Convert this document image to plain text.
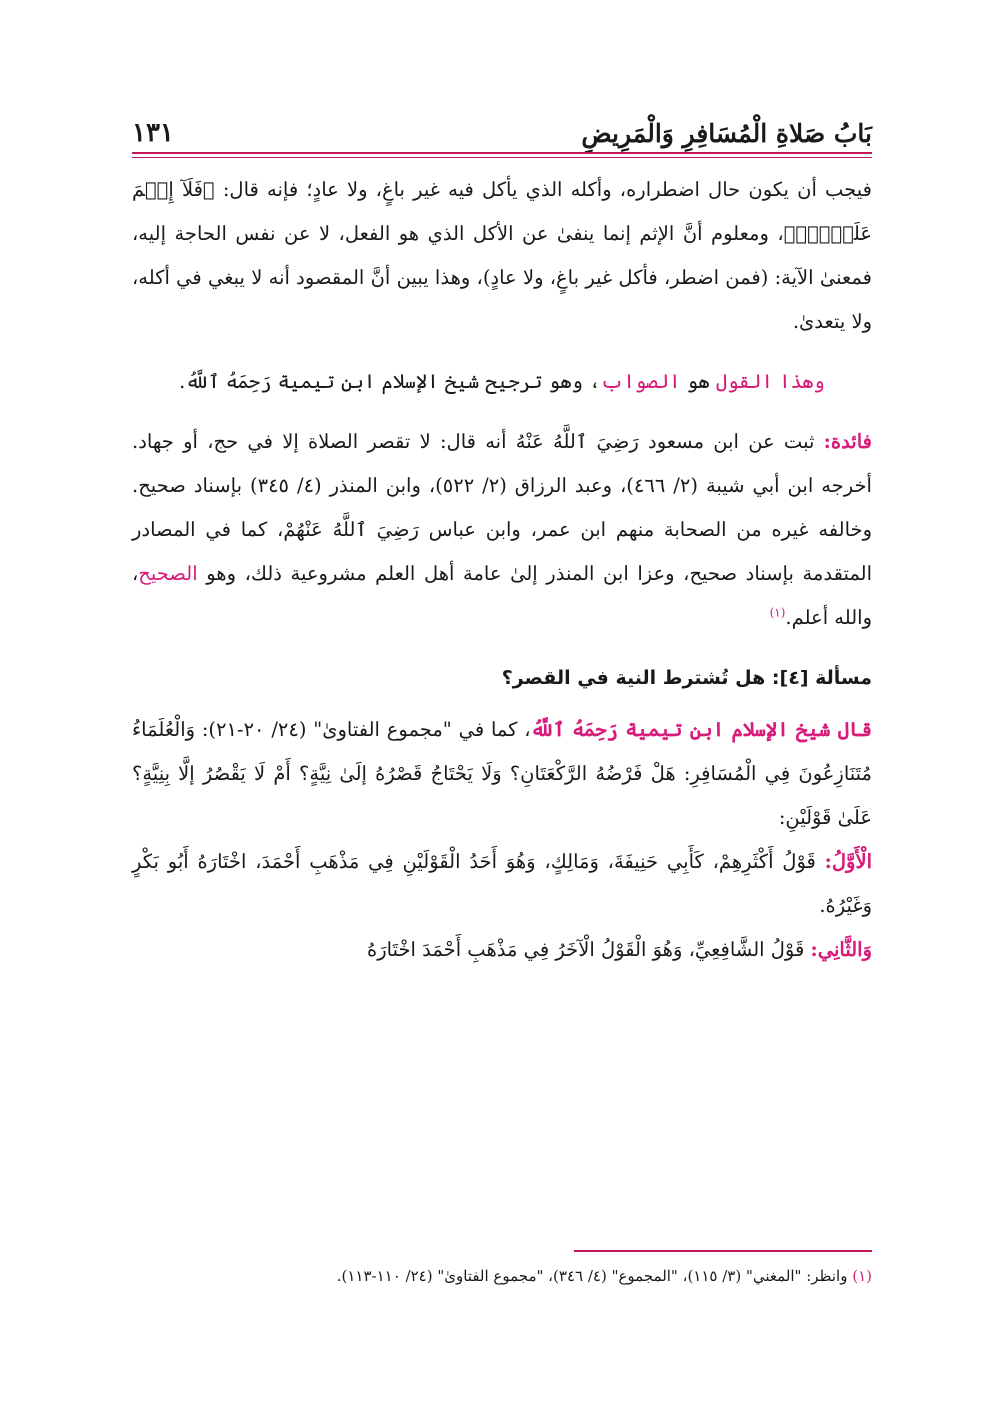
بَابُ صَلاةِ الْمُسَافِرِ وَالْمَرِيضِ
١٣١

فيجب أن يكون حال اضطراره، وأكله الذي يأكل فيه غير باغٍ، ولا عادٍ؛ فإنه قال: ﴿فَلَآ إِثۡمَ عَلَيۡهِۚ﴾، ومعلوم أنَّ الإثم إنما ينفىٰ عن الأكل الذي هو الفعل، لا عن نفس الحاجة إليه، فمعنىٰ الآية: (فمن اضطر، فأكل غير باغٍ، ولا عادٍ)، وهذا يبين أنَّ المقصود أنه لا يبغي في أكله، ولا يتعدىٰ.

وهذا القول هو الصواب، وهو ترجيح شيخ الإسلام ابن تيمية رَحِمَهُ ٱللَّهُ.

فائدة: ثبت عن ابن مسعود رَضِيَ ٱللَّهُ عَنْهُ أنه قال: لا تقصر الصلاة إلا في حج، أو جهاد. أخرجه ابن أبي شيبة (٢/ ٤٦٦)، وعبد الرزاق (٢/ ٥٢٢)، وابن المنذر (٤/ ٣٤٥) بإسناد صحيح. وخالفه غيره من الصحابة منهم ابن عمر، وابن عباس رَضِيَ ٱللَّهُ عَنْهُمْ، كما في المصادر المتقدمة بإسناد صحيح، وعزا ابن المنذر إلىٰ عامة أهل العلم مشروعية ذلك، وهو الصحيح، والله أعلم.$^{(١)}$

مسألة [٤]: هل تُشترط النية في القصر؟

قال شيخ الإسلام ابن تيمية رَحِمَهُ ٱللَّهُ، كما في "مجموع الفتاوىٰ" (٢٤/ ٢٠-٢١): وَالْعُلَمَاءُ مُتَنَازِعُونَ فِي الْمُسَافِرِ: هَلْ فَرْضُهُ الرَّكْعَتَانِ؟ وَلَا يَحْتَاجُ قَصْرُهُ إلَىٰ نِيَّةٍ؟ أَمْ لَا يَقْصُرُ إلَّا بِنِيَّةٍ؟ عَلَىٰ قَوْلَيْنِ:

الْأَوَّلُ: قَوْلُ أَكْثَرِهِمْ، كَأَبِي حَنِيفَةَ، وَمَالِكٍ، وَهُوَ أَحَدُ الْقَوْلَيْنِ فِي مَذْهَبِ أَحْمَدَ، اخْتَارَهُ أَبُو بَكْرٍ وَغَيْرُهُ.

وَالثَّانِي: قَوْلُ الشَّافِعِيِّ، وَهُوَ الْقَوْلُ الْآخَرُ فِي مَذْهَبِ أَحْمَدَ اخْتَارَهُ

(١) وانظر: "المغني" (٣/ ١١٥)، "المجموع" (٤/ ٣٤٦)، "مجموع الفتاوىٰ" (٢٤/ ١١٠-١١٣).
